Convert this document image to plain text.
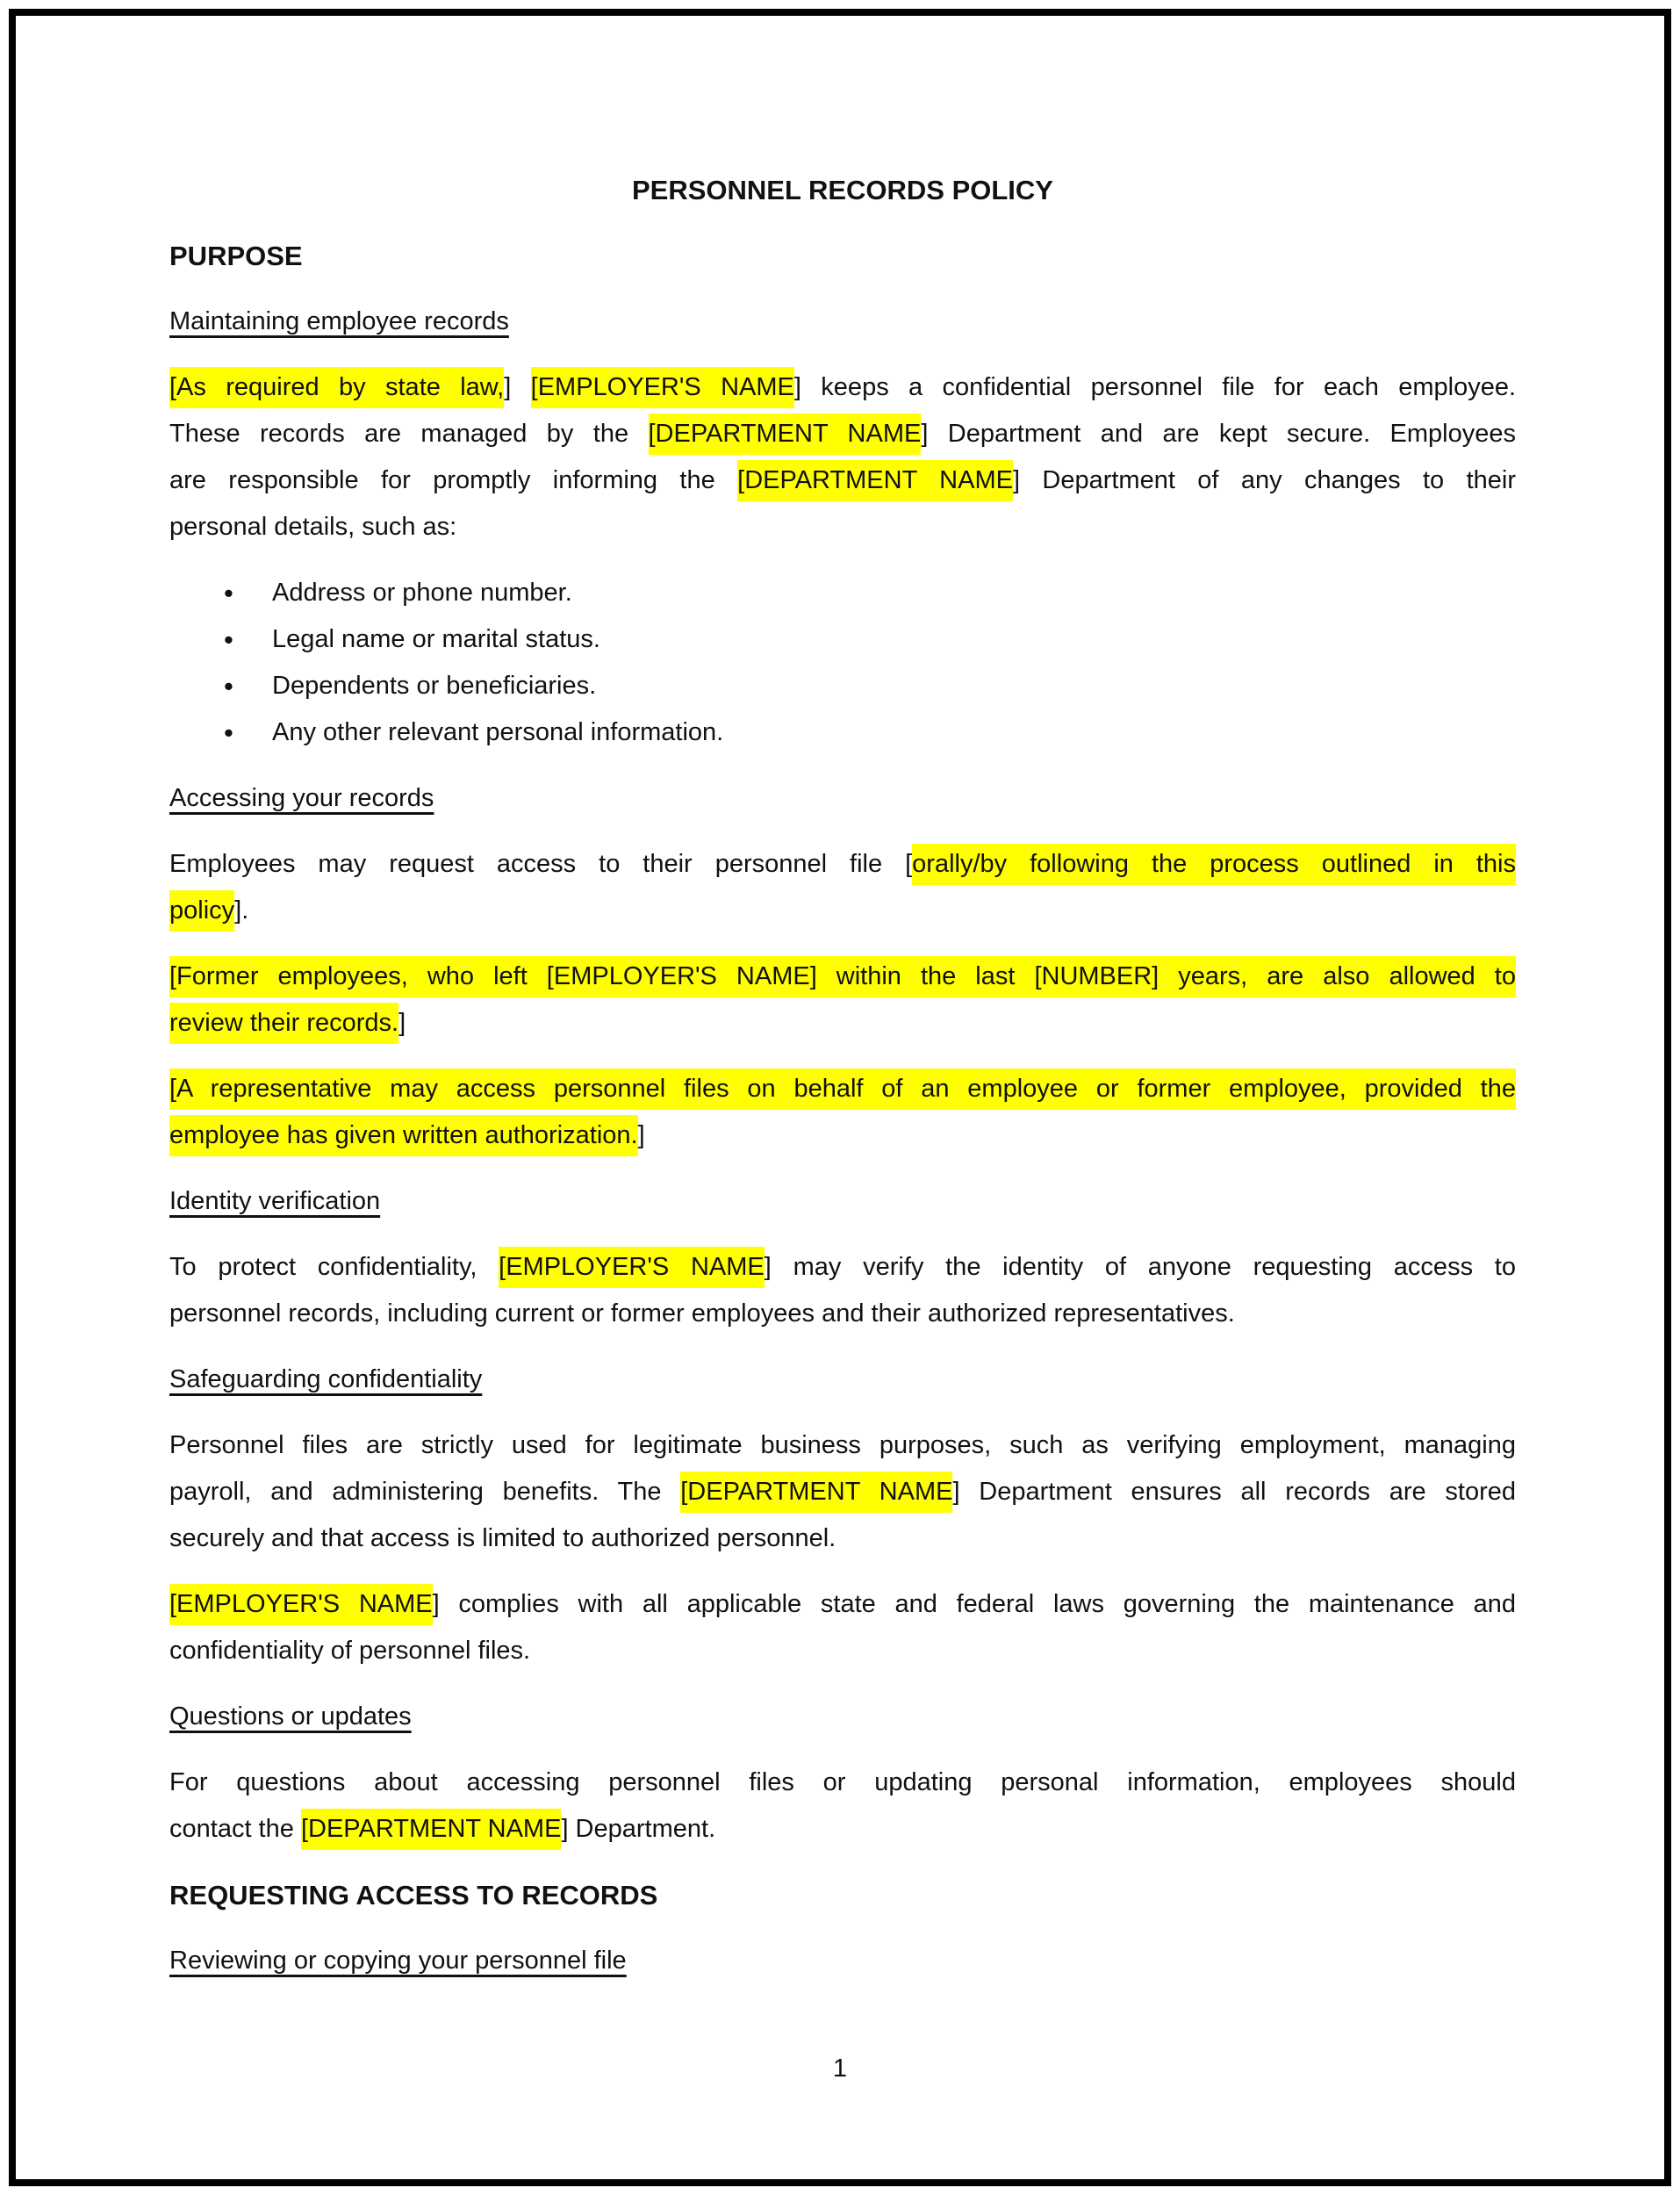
PERSONNEL RECORDS POLICY
PURPOSE
Maintaining employee records
[As required by state law,] [EMPLOYER'S NAME] keeps a confidential personnel file for each employee.
These records are managed by the [DEPARTMENT NAME] Department and are kept secure. Employees
are responsible for promptly informing the [DEPARTMENT NAME] Department of any changes to their
personal details, such as:
• Address or phone number.
• Legal name or marital status.
• Dependents or beneficiaries.
• Any other relevant personal information.
Accessing your records
Employees may request access to their personnel file [orally/by following the process outlined in this
policy].
[Former employees, who left [EMPLOYER'S NAME] within the last [NUMBER] years, are also allowed to
review their records.]
[A representative may access personnel files on behalf of an employee or former employee, provided the
employee has given written authorization.]
Identity verification
To protect confidentiality, [EMPLOYER'S NAME] may verify the identity of anyone requesting access to
personnel records, including current or former employees and their authorized representatives.
Safeguarding confidentiality
Personnel files are strictly used for legitimate business purposes, such as verifying employment, managing
payroll, and administering benefits. The [DEPARTMENT NAME] Department ensures all records are stored
securely and that access is limited to authorized personnel.
[EMPLOYER'S NAME] complies with all applicable state and federal laws governing the maintenance and
confidentiality of personnel files.
Questions or updates
For questions about accessing personnel files or updating personal information, employees should
contact the [DEPARTMENT NAME] Department.
REQUESTING ACCESS TO RECORDS
Reviewing or copying your personnel file
1
